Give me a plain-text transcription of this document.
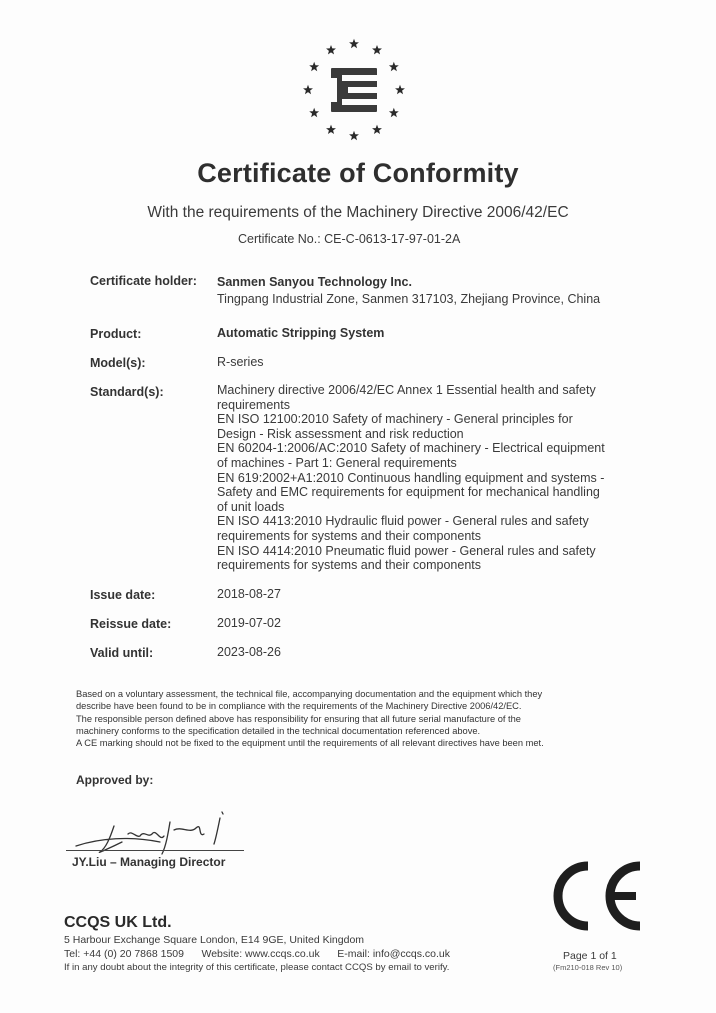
Certificate of Conformity
With the requirements of the Machinery Directive 2006/42/EC
Certificate No.: CE-C-0613-17-97-01-2A
Certificate holder: Sanmen Sanyou Technology Inc.
Tingpang Industrial Zone, Sanmen 317103, Zhejiang Province, China
Product:	Automatic Stripping System
Model(s):	R-series
Standard(s):	Machinery directive 2006/42/EC Annex 1 Essential health and safety
requirements
EN ISO 12100:2010 Safety of machinery - General principles for
Design - Risk assessment and risk reduction
EN 60204-1:2006/AC:2010 Safety of machinery - Electrical equipment
of machines - Part 1: General requirements
EN 619:2002+A1:2010 Continuous handling equipment and systems -
Safety and EMC requirements for equipment for mechanical handling
of unit loads
EN ISO 4413:2010 Hydraulic fluid power - General rules and safety
requirements for systems and their components
EN ISO 4414:2010 Pneumatic fluid power - General rules and safety
requirements for systems and their components
Issue date:	2018-08-27
Reissue date:	2019-07-02
Valid until:	2023-08-26
Based on a voluntary assessment, the technical file, accompanying documentation and the equipment which they
describe have been found to be in compliance with the requirements of the Machinery Directive 2006/42/EC.
The responsible person defined above has responsibility for ensuring that all future serial manufacture of the
machinery conforms to the specification detailed in the technical documentation referenced above.
A CE marking should not be fixed to the equipment until the requirements of all relevant directives have been met.
Approved by:
JY.Liu – Managing Director
CCQS UK Ltd.
5 Harbour Exchange Square London, E14 9GE, United Kingdom
Tel: +44 (0) 20 7868 1509      Website: www.ccqs.co.uk      E-mail: info@ccqs.co.uk
If in any doubt about the integrity of this certificate, please contact CCQS by email to verify.
Page 1 of 1
(Fm210-018 Rev 10)
